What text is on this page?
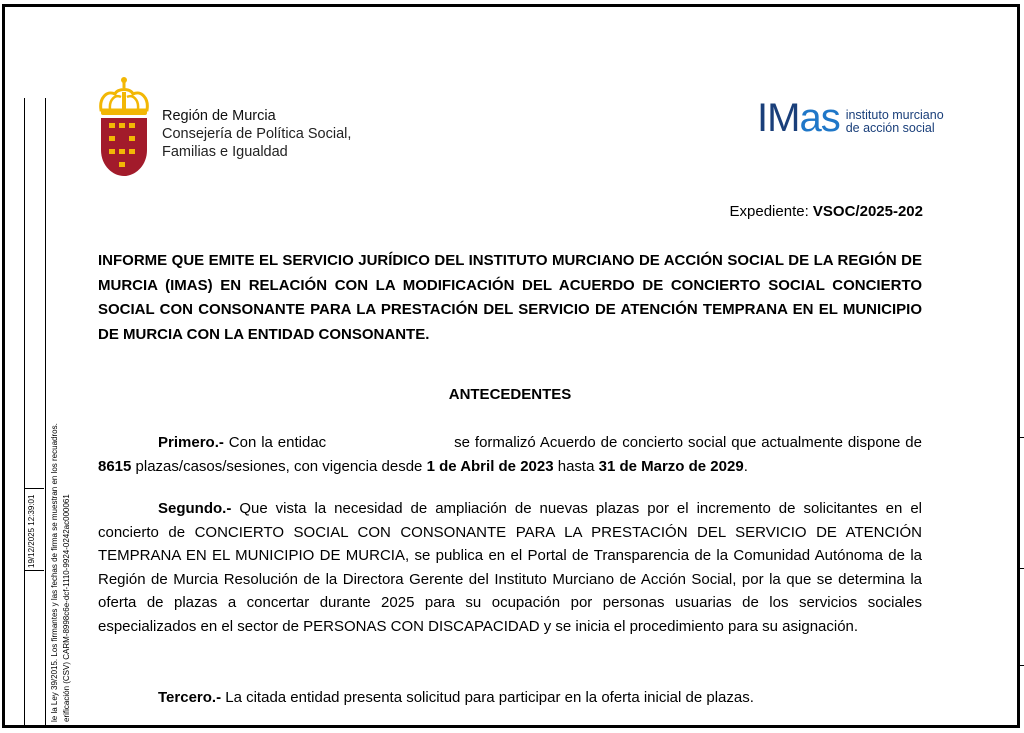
19/12/2025 12:39:01 le la Ley 39/2015. Los firmantes y las fechas de firma se muestran en los recuadros. erificación (CSV) CARM-8998c6e-dcf-1110-9924-0242ac000061
Región de Murcia
Consejería de Política Social,
Familias e Igualdad
IMas instituto murciano
de acción social
Expediente: VSOC/2025-202
INFORME QUE EMITE EL SERVICIO JURÍDICO DEL INSTITUTO MURCIANO DE ACCIÓN SOCIAL DE LA REGIÓN DE MURCIA (IMAS) EN RELACIÓN CON LA MODIFICACIÓN DEL ACUERDO DE CONCIERTO SOCIAL CONCIERTO SOCIAL CON CONSONANTE PARA LA PRESTACIÓN DEL SERVICIO DE ATENCIÓN TEMPRANA EN EL MUNICIPIO DE MURCIA CON LA ENTIDAD CONSONANTE.
ANTECEDENTES
Primero.- Con la entidac	se formalizó Acuerdo de concierto social que actualmente dispone de 8615 plazas/casos/sesiones, con vigencia desde 1 de Abril de 2023 hasta 31 de Marzo de 2029.
Segundo.- Que vista la necesidad de ampliación de nuevas plazas por el incremento de solicitantes en el concierto de CONCIERTO SOCIAL CON CONSONANTE PARA LA PRESTACIÓN DEL SERVICIO DE ATENCIÓN TEMPRANA EN EL MUNICIPIO DE MURCIA, se publica en el Portal de Transparencia de la Comunidad Autónoma de la Región de Murcia Resolución de la Directora Gerente del Instituto Murciano de Acción Social, por la que se determina la oferta de plazas a concertar durante 2025 para su ocupación por personas usuarias de los servicios sociales especializados en el sector de PERSONAS CON DISCAPACIDAD y se inicia el procedimiento para su asignación.
Tercero.- La citada entidad presenta solicitud para participar en la oferta inicial de plazas.
